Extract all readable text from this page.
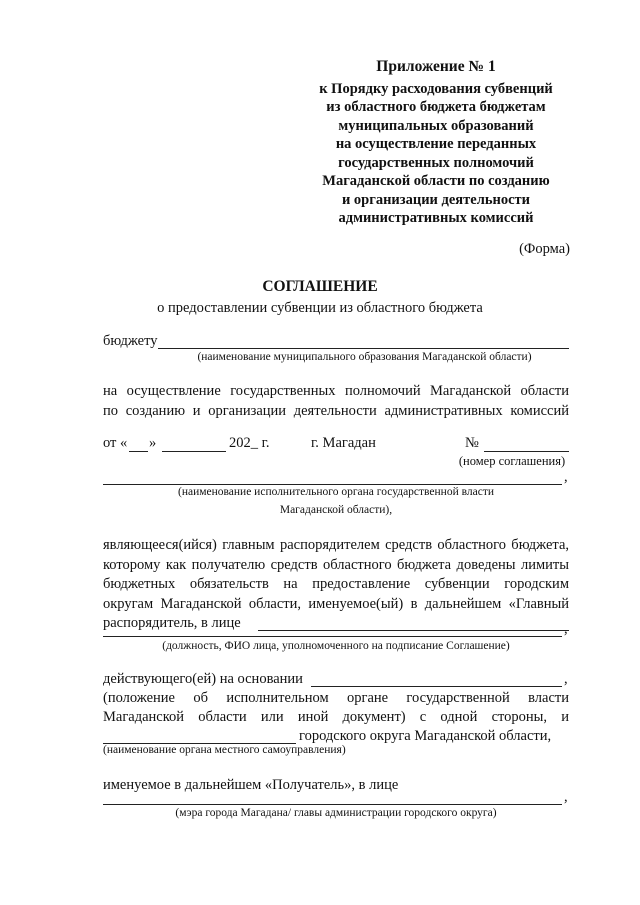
Приложение № 1
к Порядку расходования субвенций
из областного бюджета бюджетам
муниципальных образований
на осуществление переданных
государственных полномочий
Магаданской области по созданию
и организации деятельности
административных комиссий
(Форма)
СОГЛАШЕНИЕ
о предоставлении субвенции из областного бюджета
бюджету
(наименование муниципального образования Магаданской области)
на осуществление государственных полномочий Магаданской области
по созданию и организации деятельности административных комиссий
от « »	202_ г.	г. Магадан	№
(номер соглашения)
,
(наименование исполнительного органа государственной власти
Магаданской области),
являющееся(ийся) главным распорядителем средств областного бюджета,
которому как получателю средств областного бюджета доведены лимиты
бюджетных обязательств на предоставление субвенции городским
округам Магаданской области, именуемое(ый) в дальнейшем «Главный
распорядитель, в лице	,
(должность, ФИО лица, уполномоченного на подписание Соглашение)
действующего(ей) на основании	,
(положение об исполнительном органе государственной власти
Магаданской области или иной документ) с одной стороны, и
городского округа Магаданской области,
(наименование органа местного самоуправления)
именуемое в дальнейшем «Получатель», в лице
,
(мэра города Магадана/ главы администрации городского округа)
